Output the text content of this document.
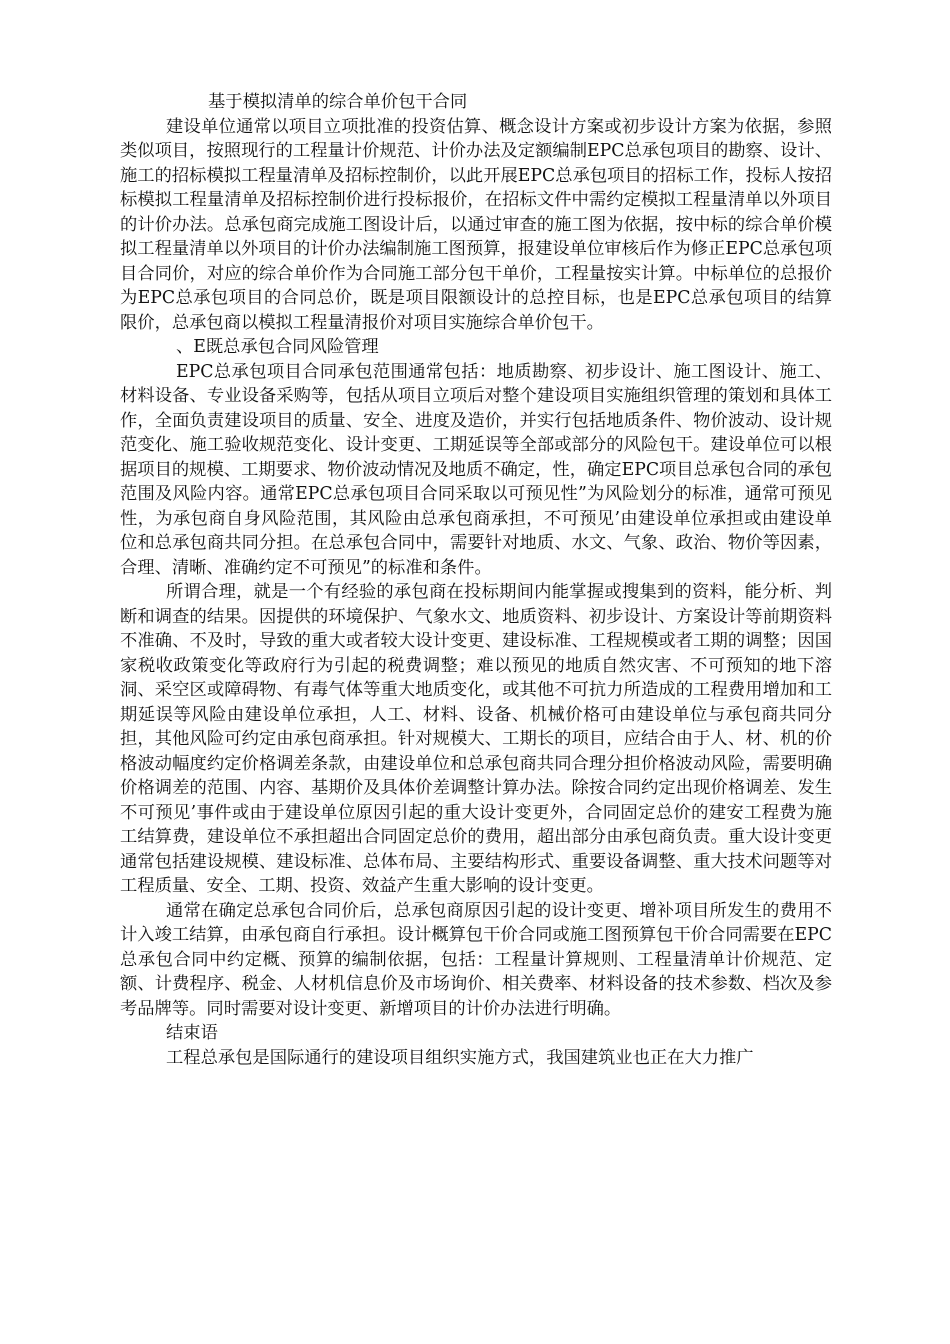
基于模拟清单的综合单价包干合同

建设单位通常以项目立项批准的投资估算、概念设计方案或初步设计方案为依据，参照类似项目，按照现行的工程量计价规范、计价办法及定额编制EPC总承包项目的勘察、设计、施工的招标模拟工程量清单及招标控制价，以此开展EPC总承包项目的招标工作，投标人按招标模拟工程量清单及招标控制价进行投标报价，在招标文件中需约定模拟工程量清单以外项目的计价办法。总承包商完成施工图设计后，以通过审查的施工图为依据，按中标的综合单价模拟工程量清单以外项目的计价办法编制施工图预算，报建设单位审核后作为修正EPC总承包项目合同价，对应的综合单价作为合同施工部分包干单价，工程量按实计算。中标单位的总报价为EPC总承包项目的合同总价，既是项目限额设计的总控目标，也是EPC总承包项目的结算限价，总承包商以模拟工程量清报价对项目实施综合单价包干。

、E既总承包合同风险管理

EPC总承包项目合同承包范围通常包括：地质勘察、初步设计、施工图设计、施工、材料设备、专业设备采购等，包括从项目立项后对整个建设项目实施组织管理的策划和具体工作，全面负责建设项目的质量、安全、进度及造价，并实行包括地质条件、物价波动、设计规范变化、施工验收规范变化、设计变更、工期延误等全部或部分的风险包干。建设单位可以根据项目的规模、工期要求、物价波动情况及地质不确定，性，确定EPC项目总承包合同的承包范围及风险内容。通常EPC总承包项目合同采取以可预见性”为风险划分的标准，通常可预见性，为承包商自身风险范围，其风险由总承包商承担，不可预见’由建设单位承担或由建设单位和总承包商共同分担。在总承包合同中，需要针对地质、水文、气象、政治、物价等因素，合理、清晰、准确约定不可预见”的标准和条件。

所谓合理，就是一个有经验的承包商在投标期间内能掌握或搜集到的资料，能分析、判断和调查的结果。因提供的环境保护、气象水文、地质资料、初步设计、方案设计等前期资料不准确、不及时，导致的重大或者较大设计变更、建设标准、工程规模或者工期的调整；因国家税收政策变化等政府行为引起的税费调整；难以预见的地质自然灾害、不可预知的地下溶洞、采空区或障碍物、有毒气体等重大地质变化，或其他不可抗力所造成的工程费用增加和工期延误等风险由建设单位承担，人工、材料、设备、机械价格可由建设单位与承包商共同分担，其他风险可约定由承包商承担。针对规模大、工期长的项目，应结合由于人、材、机的价格波动幅度约定价格调差条款，由建设单位和总承包商共同合理分担价格波动风险，需要明确价格调差的范围、内容、基期价及具体价差调整计算办法。除按合同约定出现价格调差、发生不可预见’事件或由于建设单位原因引起的重大设计变更外，合同固定总价的建安工程费为施工结算费，建设单位不承担超出合同固定总价的费用，超出部分由承包商负责。重大设计变更通常包括建设规模、建设标准、总体布局、主要结构形式、重要设备调整、重大技术问题等对工程质量、安全、工期、投资、效益产生重大影响的设计变更。

通常在确定总承包合同价后，总承包商原因引起的设计变更、增补项目所发生的费用不计入竣工结算，由承包商自行承担。设计概算包干价合同或施工图预算包干价合同需要在EPC总承包合同中约定概、预算的编制依据，包括：工程量计算规则、工程量清单计价规范、定额、计费程序、税金、人材机信息价及市场询价、相关费率、材料设备的技术参数、档次及参考品牌等。同时需要对设计变更、新增项目的计价办法进行明确。

结束语

工程总承包是国际通行的建设项目组织实施方式，我国建筑业也正在大力推广
